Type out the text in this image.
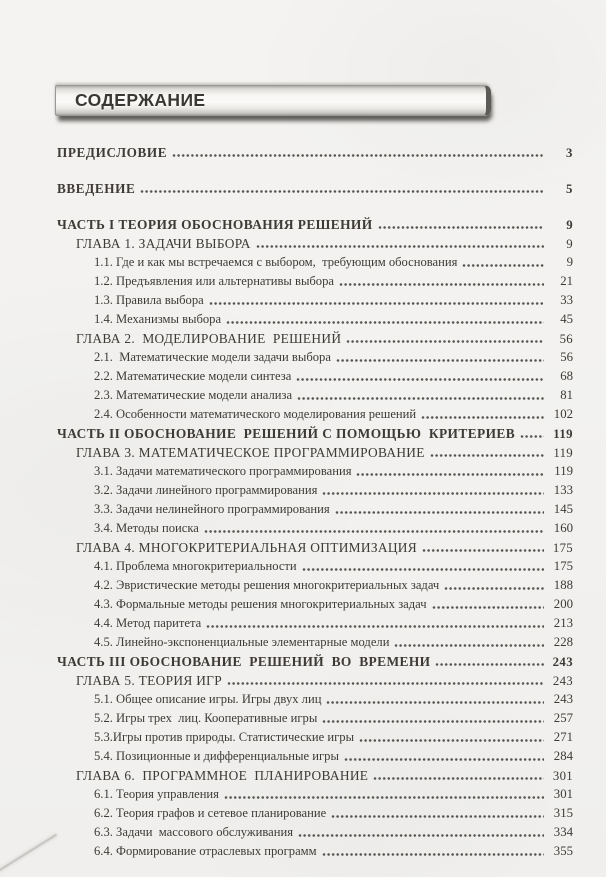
СОДЕРЖАНИЕ
ПРЕДИСЛОВИЕ	3
ВВЕДЕНИЕ	5
ЧАСТЬ I ТЕОРИЯ ОБОСНОВАНИЯ РЕШЕНИЙ	9
ГЛАВА 1. ЗАДАЧИ ВЫБОРА	9
1.1. Где и как мы встречаемся с выбором,  требующим обоснования	9
1.2. Предъявления или альтернативы выбора	21
1.3. Правила выбора	33
1.4. Механизмы выбора	45
ГЛАВА 2.  МОДЕЛИРОВАНИЕ  РЕШЕНИЙ	56
2.1.  Математические модели задачи выбора	56
2.2. Математические модели синтеза	68
2.3. Математические модели анализа	81
2.4. Особенности математического моделирования решений	102
ЧАСТЬ II ОБОСНОВАНИЕ  РЕШЕНИЙ С ПОМОЩЬЮ  КРИТЕРИЕВ	119
ГЛАВА 3. МАТЕМАТИЧЕСКОЕ ПРОГРАММИРОВАНИЕ	119
3.1. Задачи математического программирования	119
3.2. Задачи линейного программирования	133
3.3. Задачи нелинейного программирования	145
3.4. Методы поиска	160
ГЛАВА 4. МНОГОКРИТЕРИАЛЬНАЯ ОПТИМИЗАЦИЯ	175
4.1. Проблема многокритериальности	175
4.2. Эвристические методы решения многокритериальных задач	188
4.3. Формальные методы решения многокритериальных задач	200
4.4. Метод паритета	213
4.5. Линейно-экспоненциальные элементарные модели	228
ЧАСТЬ III ОБОСНОВАНИЕ  РЕШЕНИЙ  ВО  ВРЕМЕНИ	243
ГЛАВА 5. ТЕОРИЯ ИГР	243
5.1. Общее описание игры. Игры двух лиц	243
5.2. Игры трех  лиц. Кооперативные игры	257
5.3.Игры против природы. Статистические игры	271
5.4. Позиционные и дифференциальные игры	284
ГЛАВА 6.  ПРОГРАММНОЕ  ПЛАНИРОВАНИЕ	301
6.1. Теория управления	301
6.2. Теория графов и сетевое планирование	315
6.3. Задачи  массового обслуживания	334
6.4. Формирование отраслевых программ	355
